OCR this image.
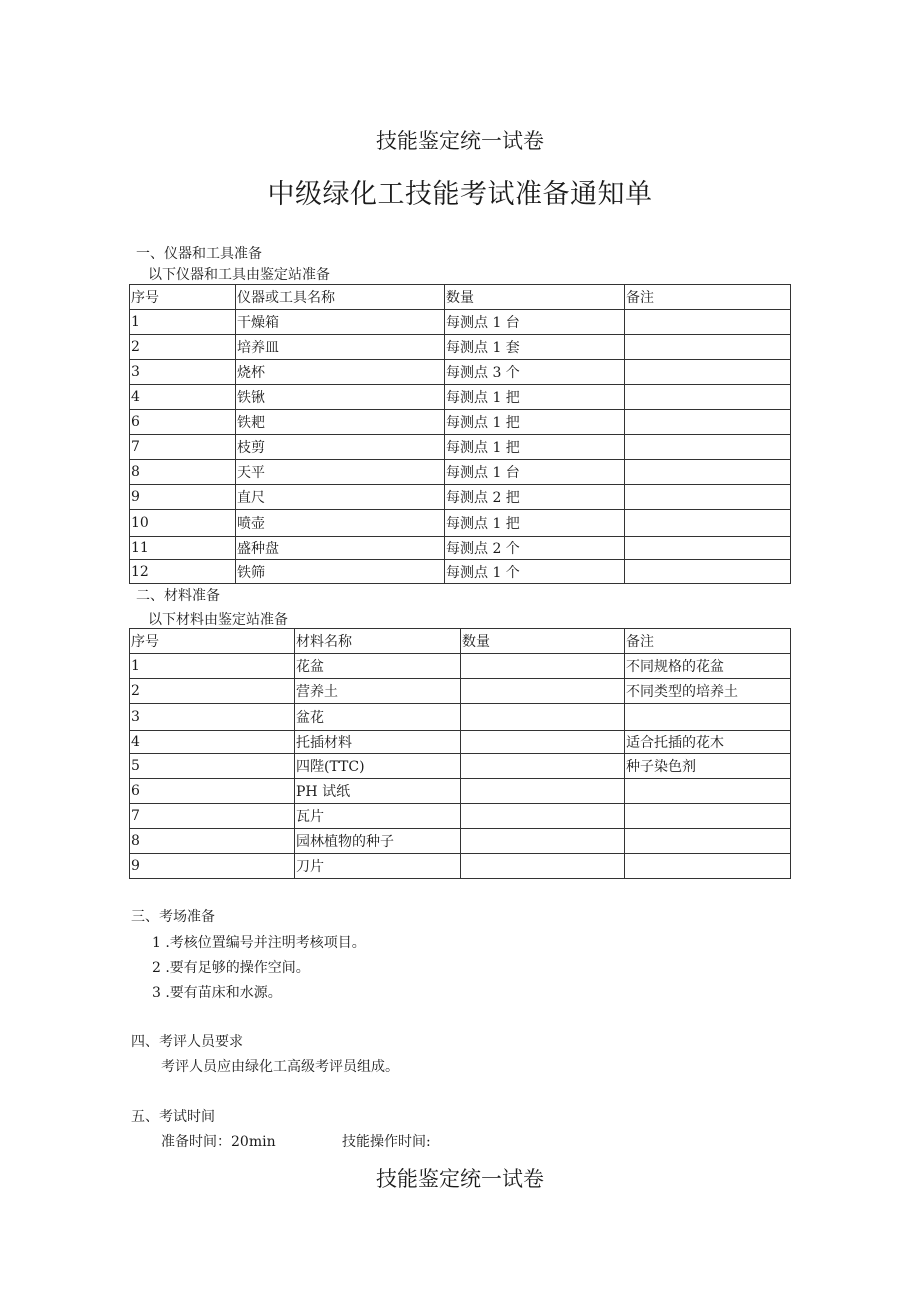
技能鉴定统一试卷
中级绿化工技能考试准备通知单
一、仪器和工具准备
以下仪器和工具由鉴定站准备
序号	仪器或工具名称	数量	备注
1	干燥箱	每测点 1 台	
2	培养皿	每测点 1 套	
3	烧杯	每测点 3 个	
4	铁锹	每测点 1 把	
6	铁耙	每测点 1 把	
7	枝剪	每测点 1 把	
8	天平	每测点 1 台	
9	直尺	每测点 2 把	
10	喷壶	每测点 1 把	
11	盛种盘	每测点 2 个	
12	铁筛	每测点 1 个	
二、材料准备
以下材料由鉴定站准备
序号	材料名称	数量	备注
1	花盆		不同规格的花盆
2	营养土		不同类型的培养土
3	盆花		
4	托插材料		适合托插的花木
5	四陛(TTC)		种子染色剂
6	PH 试纸		
7	瓦片		
8	园林植物的种子		
9	刀片		
三、考场准备
1 .考核位置编号并注明考核项目。
2 .要有足够的操作空间。
3 .要有苗床和水源。
四、考评人员要求
考评人员应由绿化工高级考评员组成。
五、考试时间
准备时间：20min	技能操作时间:
技能鉴定统一试卷
